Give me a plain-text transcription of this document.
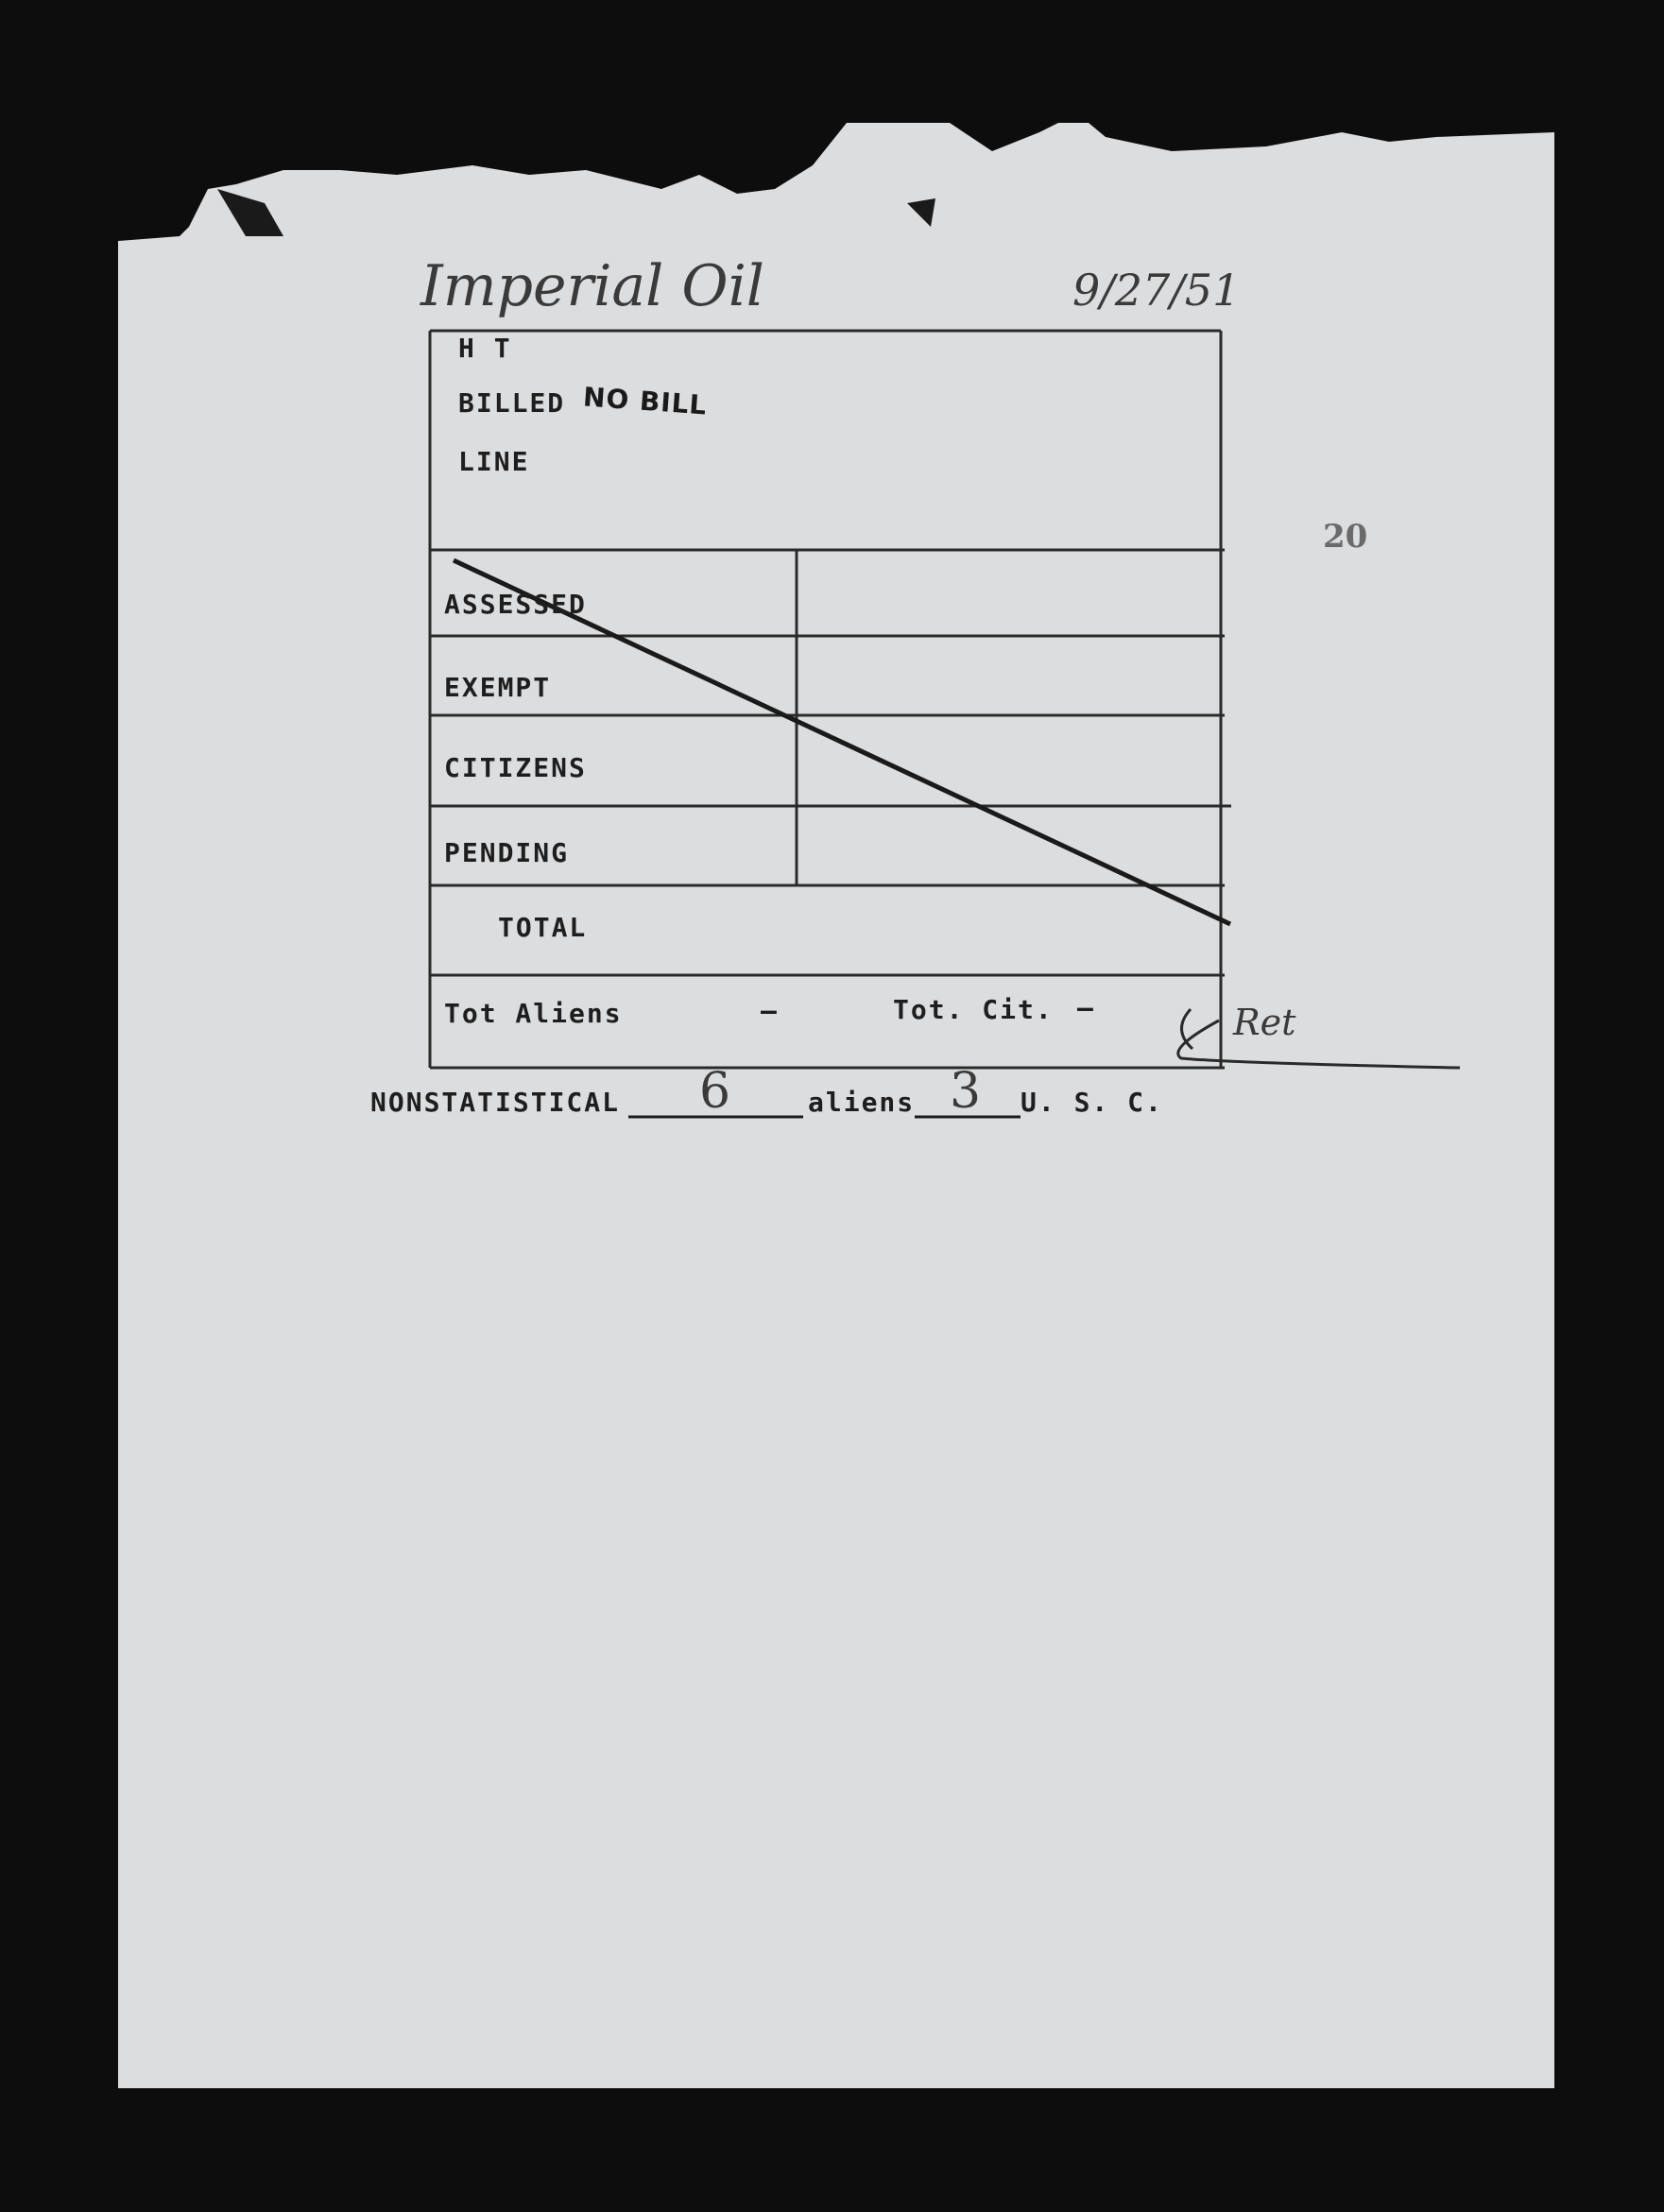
Imperial Oil	9/27/51
20
H T
BILLED NO BILL
LINE
ASSESSED
EXEMPT
CITIZENS
PENDING
TOTAL
Tot Aliens	—	Tot. Cit. —	Ret
NONSTATISTICAL 6	aliens 3 U. S. C.
